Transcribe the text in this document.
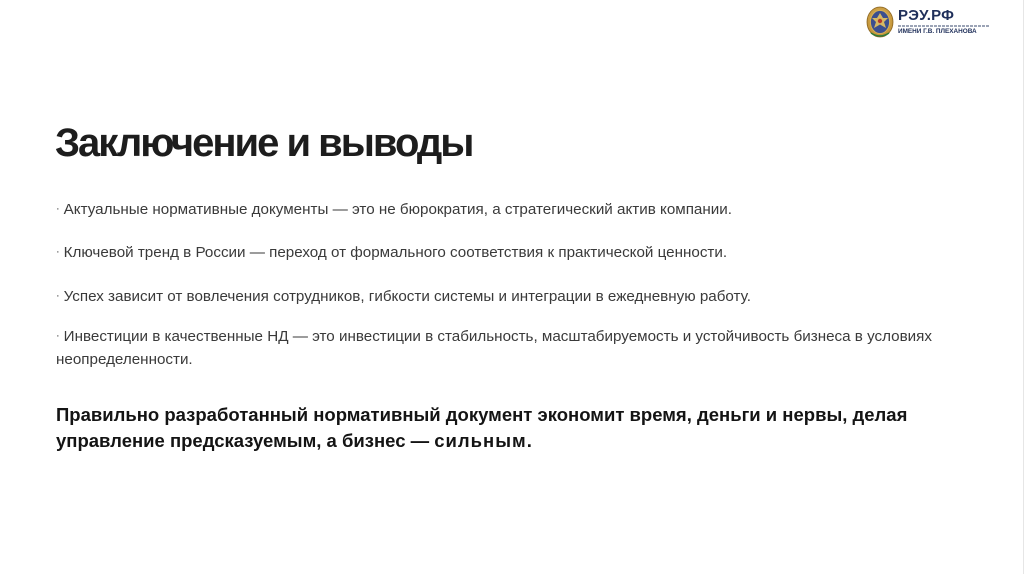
РЭУ.РФ
ИМЕНИ Г.В. ПЛЕХАНОВА
Заключение и выводы
· Актуальные нормативные документы — это не бюрократия, а стратегический актив компании.
· Ключевой тренд в России — переход от формального соответствия к практической ценности.
· Успех зависит от вовлечения сотрудников, гибкости системы и интеграции в ежедневную работу.
· Инвестиции в качественные НД — это инвестиции в стабильность, масштабируемость и устойчивость бизнеса в условиях неопределенности.

Правильно разработанный нормативный документ экономит время, деньги и нервы, делая управление предсказуемым, а бизнес — сильным.
